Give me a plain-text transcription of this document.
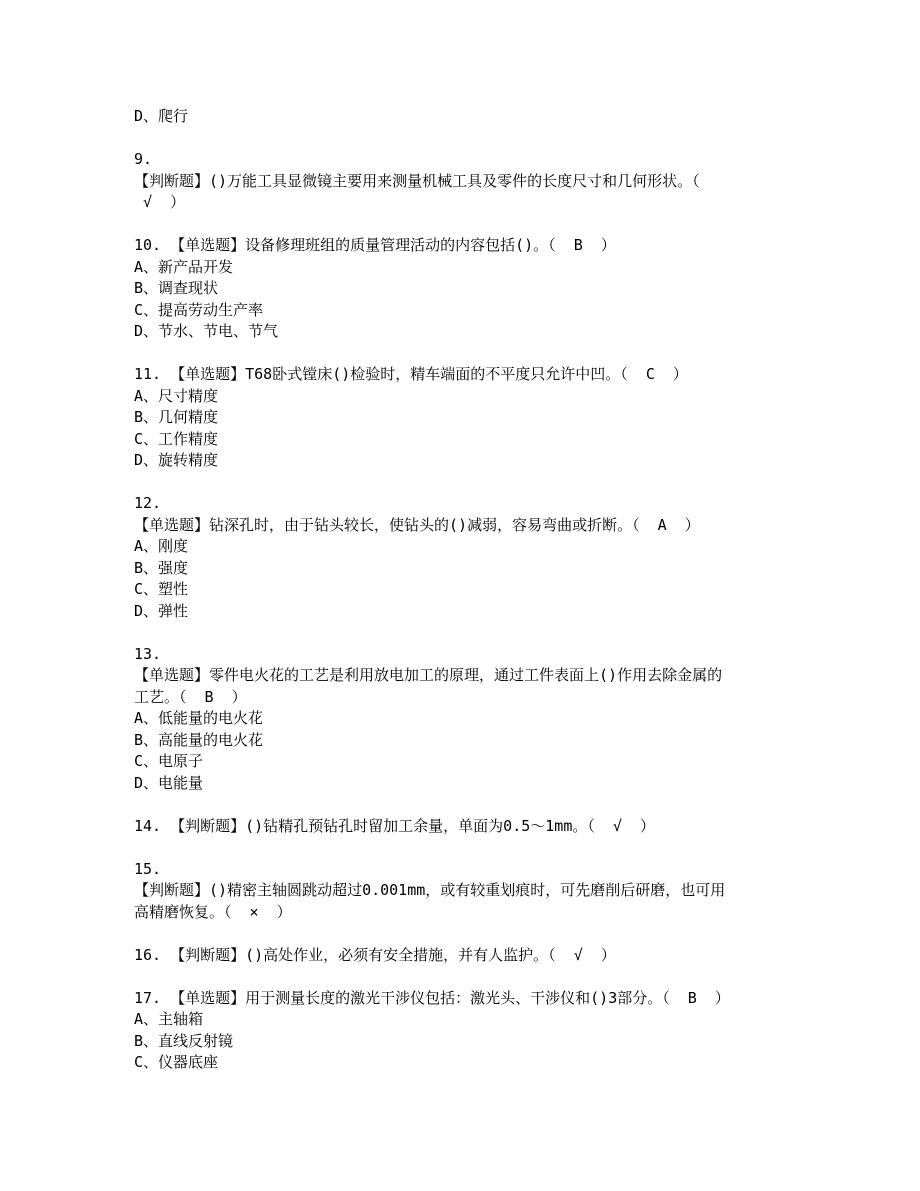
D、爬行
9.
【判断题】()万能工具显微镜主要用来测量机械工具及零件的长度尺寸和几何形状。（
√  ）
10. 【单选题】设备修理班组的质量管理活动的内容包括()。（  B  ）
A、新产品开发
B、调查现状
C、提高劳动生产率
D、节水、节电、节气
11. 【单选题】T68卧式镗床()检验时，精车端面的不平度只允许中凹。（  C  ）
A、尺寸精度
B、几何精度
C、工作精度
D、旋转精度
12.
【单选题】钻深孔时，由于钻头较长，使钻头的()减弱，容易弯曲或折断。（  A  ）
A、刚度
B、强度
C、塑性
D、弹性
13.
【单选题】零件电火花的工艺是利用放电加工的原理，通过工件表面上()作用去除金属的
工艺。（  B  ）
A、低能量的电火花
B、高能量的电火花
C、电原子
D、电能量
14. 【判断题】()钻精孔预钻孔时留加工余量，单面为0.5～1mm。（  √  ）
15.
【判断题】()精密主轴圆跳动超过0.001mm，或有较重划痕时，可先磨削后研磨，也可用
高精磨恢复。（  ×  ）
16. 【判断题】()高处作业，必须有安全措施，并有人监护。（  √  ）
17. 【单选题】用于测量长度的激光干涉仪包括：激光头、干涉仪和()3部分。（  B  ）
A、主轴箱
B、直线反射镜
C、仪器底座
